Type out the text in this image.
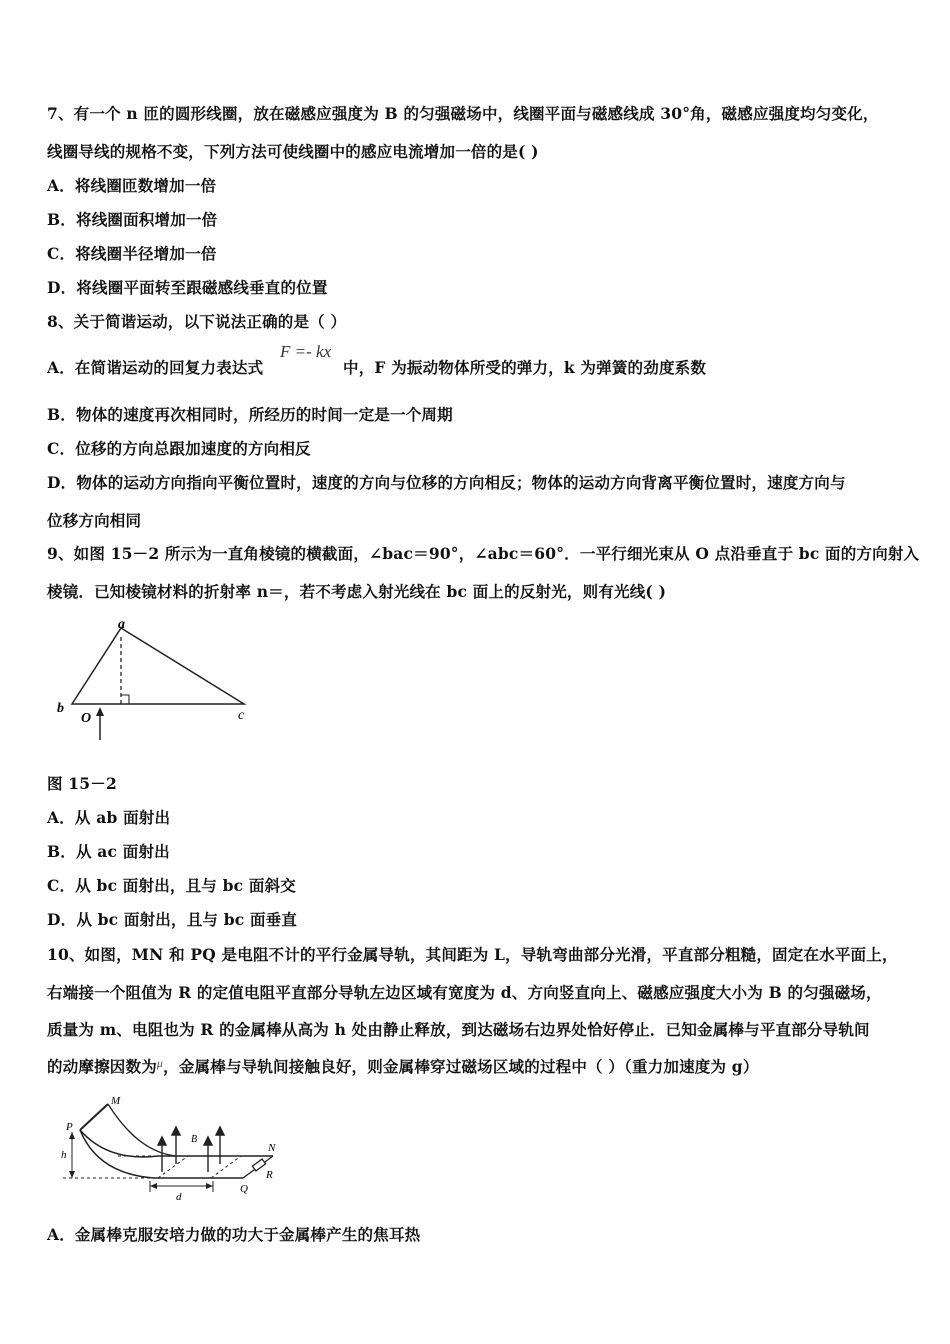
7、有一个 n 匝的圆形线圈，放在磁感应强度为 B 的匀强磁场中，线圈平面与磁感线成 30°角，磁感应强度均匀变化，
线圈导线的规格不变，下列方法可使线圈中的感应电流增加一倍的是( )
A．将线圈匝数增加一倍
B．将线圈面积增加一倍
C．将线圈半径增加一倍
D．将线圈平面转至跟磁感线垂直的位置
8、关于简谐运动，以下说法正确的是（ ）
A．在简谐运动的回复力表达式
F =- kx
中，F 为振动物体所受的弹力，k 为弹簧的劲度系数
B．物体的速度再次相同时，所经历的时间一定是一个周期
C．位移的方向总跟加速度的方向相反
D．物体的运动方向指向平衡位置时，速度的方向与位移的方向相反；物体的运动方向背离平衡位置时，速度方向与
位移方向相同
9、如图 15－2 所示为一直角棱镜的横截面，∠bac＝90°，∠abc＝60°．一平行细光束从 O 点沿垂直于 bc 面的方向射入
棱镜．已知棱镜材料的折射率 n＝，若不考虑入射光线在 bc 面上的反射光，则有光线( )
a
b	c
O
图 15－2
A．从 ab 面射出
B．从 ac 面射出
C．从 bc 面射出，且与 bc 面斜交
D．从 bc 面射出，且与 bc 面垂直
10、如图，MN 和 PQ 是电阻不计的平行金属导轨，其间距为 L，导轨弯曲部分光滑，平直部分粗糙，固定在水平面上，
右端接一个阻值为 R 的定值电阻平直部分导轨左边区域有宽度为 d、方向竖直向上、磁感应强度大小为 B 的匀强磁场，
质量为 m、电阻也为 R 的金属棒从高为 h 处由静止释放，到达磁场右边界处恰好停止．已知金属棒与平直部分导轨间
的动摩擦因数为$^\mu$，金属棒与导轨间接触良好，则金属棒穿过磁场区域的过程中（ ）（重力加速度为 g）
M
P
N
Q
R
B
h
d
A．金属棒克服安培力做的功大于金属棒产生的焦耳热
